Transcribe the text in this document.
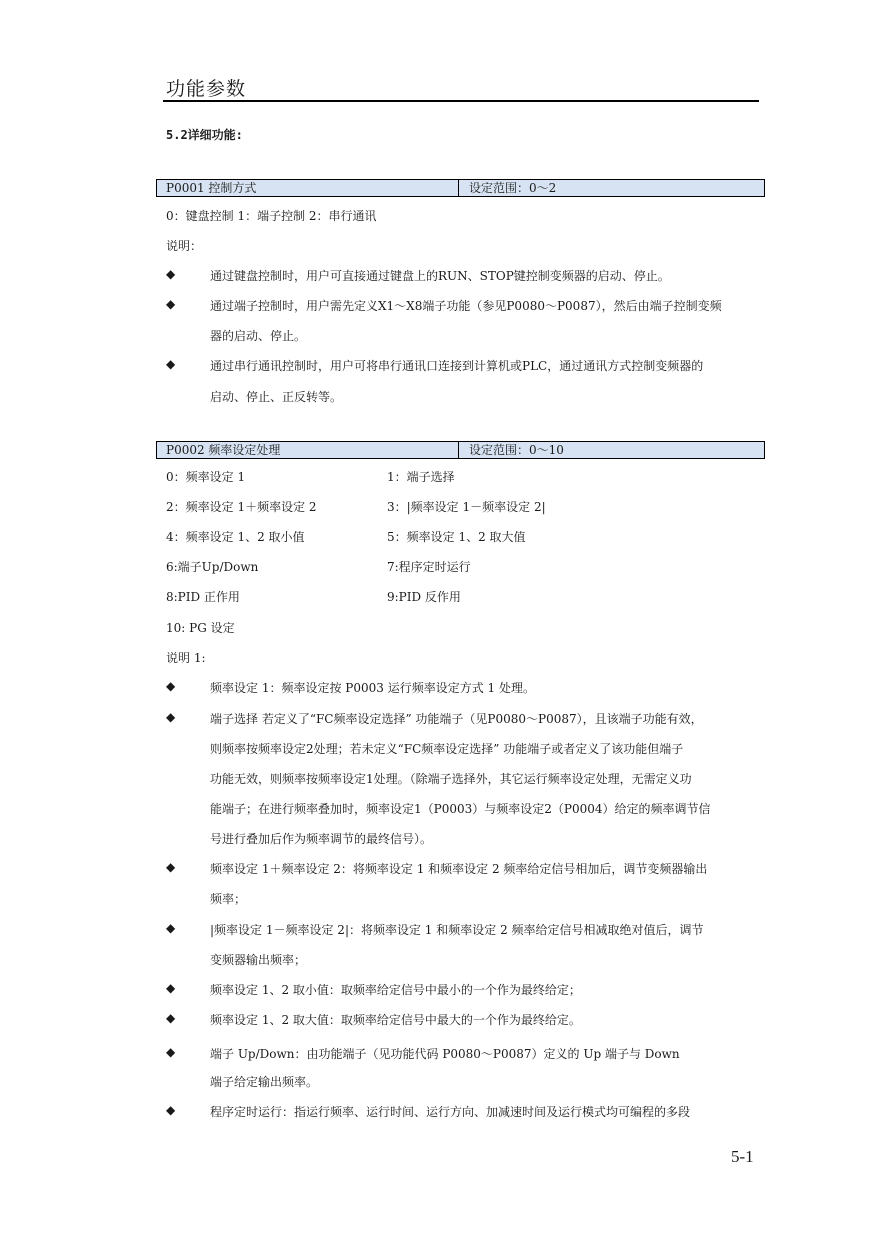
功能参数
5.2详细功能:
P0001 控制方式	设定范围：0～2
0：键盘控制 1：端子控制 2：串行通讯
说明：
◆	通过键盘控制时，用户可直接通过键盘上的RUN、STOP键控制变频器的启动、停止。
◆	通过端子控制时，用户需先定义X1～X8端子功能（参见P0080～P0087），然后由端子控制变频
器的启动、停止。
◆	通过串行通讯控制时，用户可将串行通讯口连接到计算机或PLC，通过通讯方式控制变频器的
启动、停止、正反转等。
P0002 频率设定处理	设定范围：0～10
0：频率设定 1	1：端子选择
2：频率设定 1＋频率设定 2	3：|频率设定 1－频率设定 2|
4：频率设定 1、2 取小值	5：频率设定 1、2 取大值
6:端子Up/Down	7:程序定时运行
8:PID 正作用	9:PID 反作用
10: PG 设定
说明 1:
◆	频率设定 1：频率设定按 P0003 运行频率设定方式 1 处理。
◆	端子选择 若定义了“FC频率设定选择” 功能端子（见P0080～P0087），且该端子功能有效，
则频率按频率设定2处理；若未定义“FC频率设定选择” 功能端子或者定义了该功能但端子
功能无效，则频率按频率设定1处理。（除端子选择外，其它运行频率设定处理，无需定义功
能端子；在进行频率叠加时，频率设定1（P0003）与频率设定2（P0004）给定的频率调节信
号进行叠加后作为频率调节的最终信号）。
◆	频率设定 1＋频率设定 2：将频率设定 1 和频率设定 2 频率给定信号相加后，调节变频器输出
频率；
◆	|频率设定 1－频率设定 2|：将频率设定 1 和频率设定 2 频率给定信号相减取绝对值后，调节
变频器输出频率；
◆	频率设定 1、2 取小值：取频率给定信号中最小的一个作为最终给定；
◆	频率设定 1、2 取大值：取频率给定信号中最大的一个作为最终给定。
◆	端子 Up/Down：由功能端子（见功能代码 P0080～P0087）定义的 Up 端子与 Down
端子给定输出频率。
◆	程序定时运行：指运行频率、运行时间、运行方向、加减速时间及运行模式均可编程的多段
5-1
